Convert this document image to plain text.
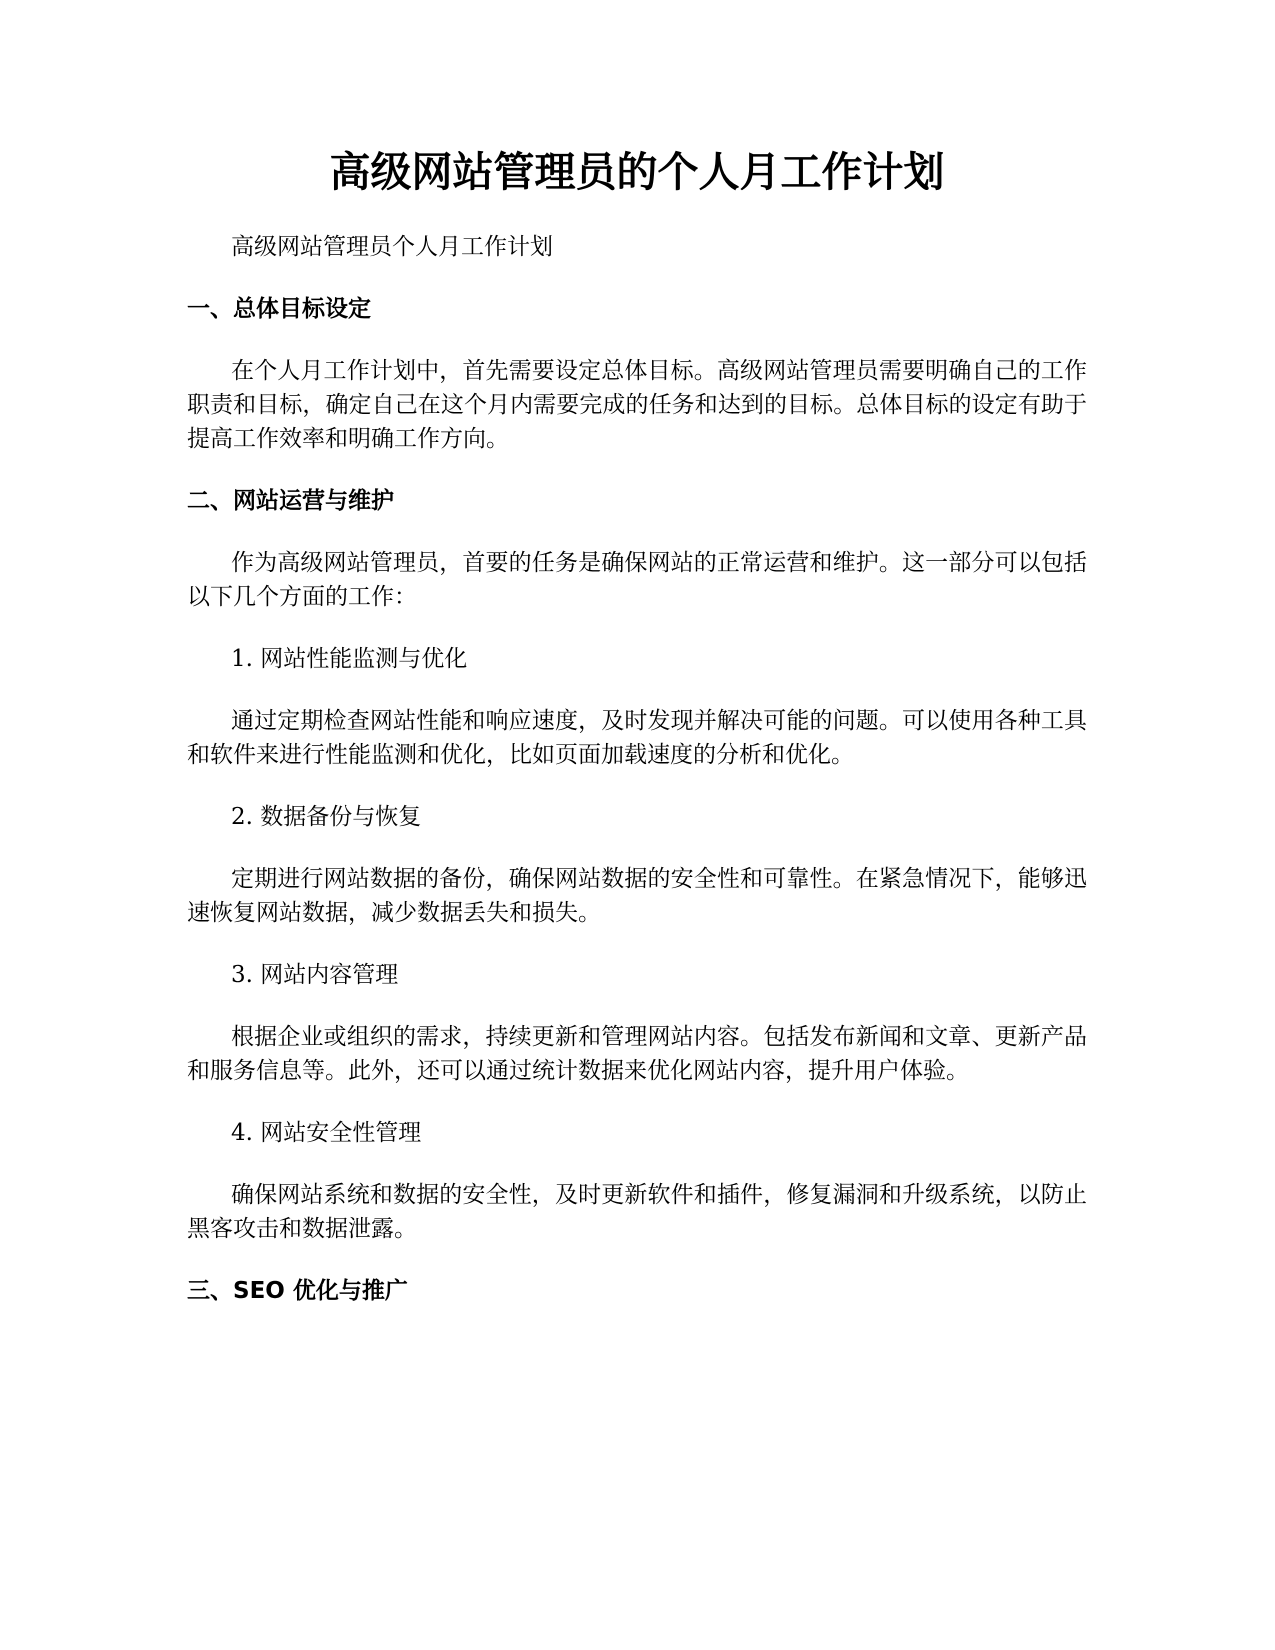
高级网站管理员的个人月工作计划

高级网站管理员个人月工作计划

一、总体目标设定

在个人月工作计划中，首先需要设定总体目标。高级网站管理员需要明确自己的工作职责和目标，确定自己在这个月内需要完成的任务和达到的目标。总体目标的设定有助于提高工作效率和明确工作方向。

二、网站运营与维护

作为高级网站管理员，首要的任务是确保网站的正常运营和维护。这一部分可以包括以下几个方面的工作：

1. 网站性能监测与优化

通过定期检查网站性能和响应速度，及时发现并解决可能的问题。可以使用各种工具和软件来进行性能监测和优化，比如页面加载速度的分析和优化。

2. 数据备份与恢复

定期进行网站数据的备份，确保网站数据的安全性和可靠性。在紧急情况下，能够迅速恢复网站数据，减少数据丢失和损失。

3. 网站内容管理

根据企业或组织的需求，持续更新和管理网站内容。包括发布新闻和文章、更新产品和服务信息等。此外，还可以通过统计数据来优化网站内容，提升用户体验。

4. 网站安全性管理

确保网站系统和数据的安全性，及时更新软件和插件，修复漏洞和升级系统，以防止黑客攻击和数据泄露。

三、SEO 优化与推广
